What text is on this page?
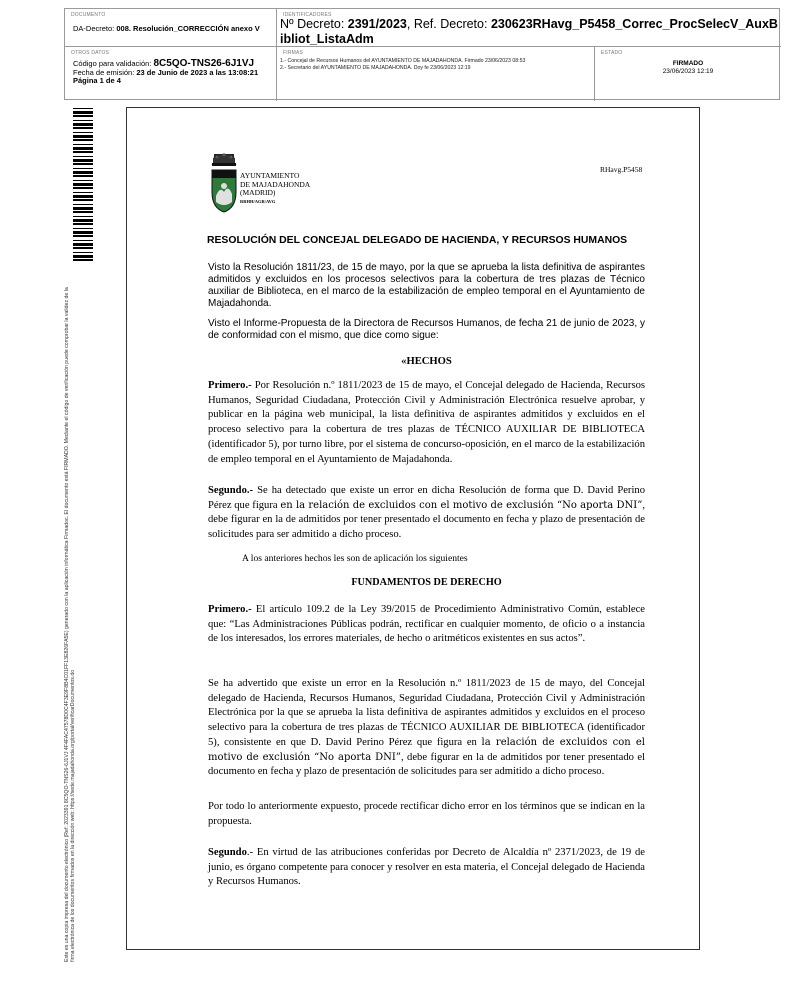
DOCUMENTO
DA-Decreto: 008. Resolución_CORRECCIÓN anexo V
IDENTIFICADORES
Nº Decreto: 2391/2023, Ref. Decreto: 230623RHavg_P5458_Correc_ProcSelecV_AuxBibliot_ListaAdm
OTROS DATOS
Código para validación: 8C5QO-TNS26-6J1VJ
Fecha de emisión: 23 de Junio de 2023 a las 13:08:21
Página 1 de 4
FIRMAS
1.- Concejal de Recursos Humanos del AYUNTAMIENTO DE MAJADAHONDA. Firmado 23/06/2023 08:53
2.- Secretario del AYUNTAMIENTO DE MAJADAHONDA. Doy fe 23/06/2023 12:19
ESTADO
FIRMADO
23/06/2023 12:19
Este es una copia impresa del documento electrónico (Ref: 2023391 8C5QO-TNS26-6J1VJ 4F4FAC47578D0C4F3E9F8B4C01FF13E826FA5E) generado con la aplicación informática Firmadoc. El documento está FIRMADO. Mediante el código de verificación puede comprobar la validez de la firma electrónica de los documentos firmados en la dirección web: https://sede.majadahonda.org/portal/verificarDocumentos.do
AYUNTAMIENTO
DE MAJADAHONDA
(MADRID)
RRHH/AGR/AVG
RHavg.P5458
RESOLUCIÓN DEL CONCEJAL DELEGADO DE HACIENDA, Y RECURSOS HUMANOS

Visto la Resolución 1811/23, de 15 de mayo, por la que se aprueba la lista definitiva de aspirantes admitidos y excluidos en los procesos selectivos para la cobertura de tres plazas de Técnico auxiliar de Biblioteca, en el marco de la estabilización de empleo temporal en el Ayuntamiento de Majadahonda.

Visto el Informe-Propuesta de la Directora de Recursos Humanos, de fecha 21 de junio de 2023, y de conformidad con el mismo, que dice como sigue:

«HECHOS

Primero.- Por Resolución n.º 1811/2023 de 15 de mayo, el Concejal delegado de Hacienda, Recursos Humanos, Seguridad Ciudadana, Protección Civil y Administración Electrónica resuelve aprobar, y publicar en la página web municipal, la lista definitiva de aspirantes admitidos y excluidos en el proceso selectivo para la cobertura de tres plazas de TÉCNICO AUXILIAR DE BIBLIOTECA (identificador 5), por turno libre, por el sistema de concurso-oposición, en el marco de la estabilización de empleo temporal en el Ayuntamiento de Majadahonda.

Segundo.- Se ha detectado que existe un error en dicha Resolución de forma que D. David Perino Pérez que figura en la relación de excluidos con el motivo de exclusión “No aporta DNI”, debe figurar en la de admitidos por tener presentado el documento en fecha y plazo de presentación de solicitudes para ser admitido a dicho proceso.

A los anteriores hechos les son de aplicación los siguientes
FUNDAMENTOS DE DERECHO

Primero.- El artículo 109.2 de la Ley 39/2015 de Procedimiento Administrativo Común, establece que: “Las Administraciones Públicas podrán, rectificar en cualquier momento, de oficio o a instancia de los interesados, los errores materiales, de hecho o aritméticos existentes en sus actos”.

Se ha advertido que existe un error en la Resolución n.º 1811/2023 de 15 de mayo, del Concejal delegado de Hacienda, Recursos Humanos, Seguridad Ciudadana, Protección Civil y Administración Electrónica por la que se aprueba la lista definitiva de aspirantes admitidos y excluidos en el proceso selectivo para la cobertura de tres plazas de TÉCNICO AUXILIAR DE BIBLIOTECA (identificador 5), consistente en que D. David Perino Pérez que figura en la relación de excluidos con el motivo de exclusión “No aporta DNI”, debe figurar en la de admitidos por tener presentado el documento en fecha y plazo de presentación de solicitudes para ser admitido a dicho proceso.

Por todo lo anteriormente expuesto, procede rectificar dicho error en los términos que se indican en la propuesta.

Segundo.- En virtud de las atribuciones conferidas por Decreto de Alcaldía nº 2371/2023, de 19 de junio, es órgano competente para conocer y resolver en esta materia, el Concejal delegado de Hacienda y Recursos Humanos.
